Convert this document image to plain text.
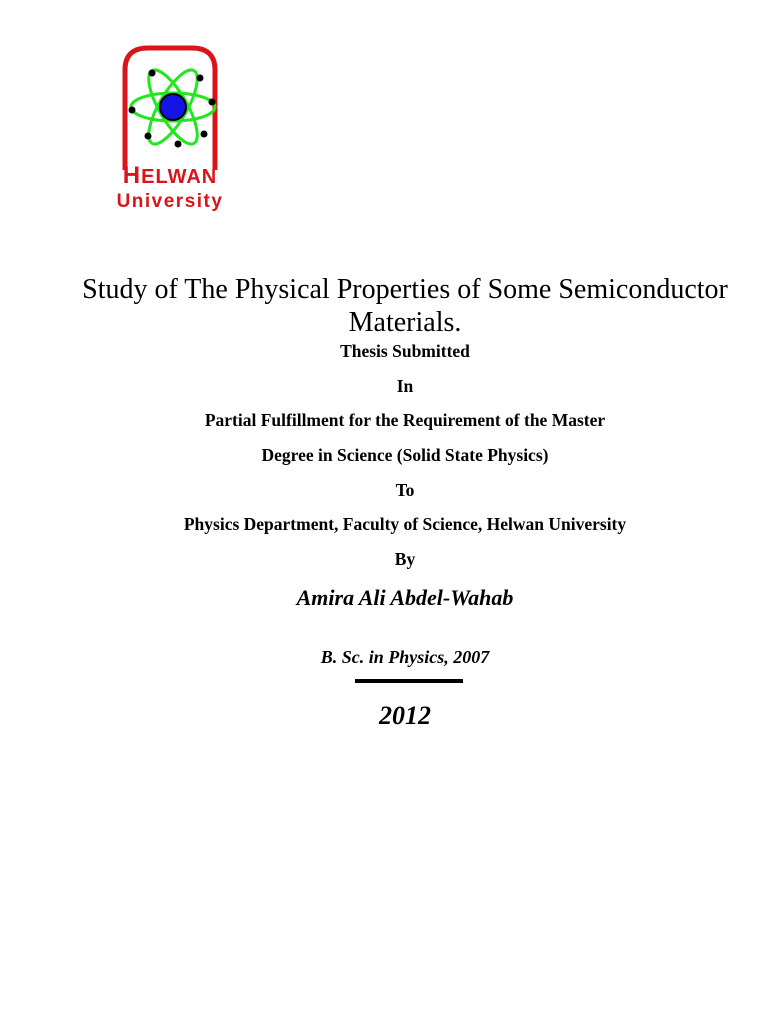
HELWAN
University
Study of The Physical Properties of Some Semiconductor Materials.

Thesis Submitted

In

Partial Fulfillment for the Requirement of the Master

Degree in Science (Solid State Physics)

To

Physics Department, Faculty of Science, Helwan University

By

Amira Ali Abdel-Wahab
B. Sc. in Physics, 2007
2012
